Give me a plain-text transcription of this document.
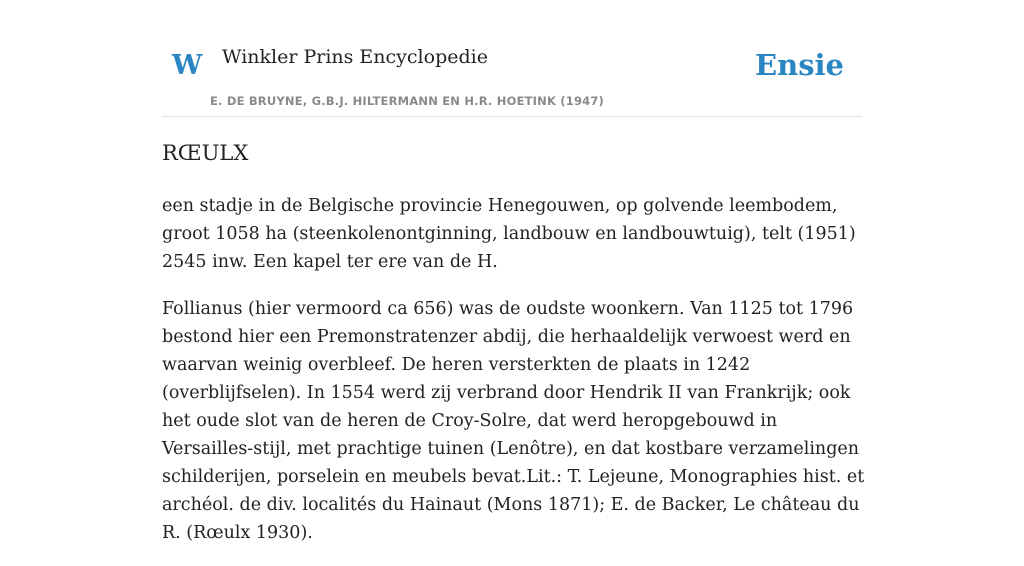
W Winkler Prins Encyclopedie
E. DE BRUYNE, G.B.J. HILTERMANN EN H.R. HOETINK (1947)
Ensie
RŒULX

een stadje in de Belgische provincie Henegouwen, op golvende leembodem, groot 1058 ha (steenkolenontginning, landbouw en landbouwtuig), telt (1951) 2545 inw. Een kapel ter ere van de H.

Follianus (hier vermoord ca 656) was de oudste woonkern. Van 1125 tot 1796 bestond hier een Premonstratenzer abdij, die herhaaldelijk verwoest werd en waarvan weinig overbleef. De heren versterkten de plaats in 1242 (overblijfselen). In 1554 werd zij verbrand door Hendrik II van Frankrijk; ook het oude slot van de heren de Croy-Solre, dat werd heropgebouwd in Versailles-stijl, met prachtige tuinen (Lenôtre), en dat kostbare verzamelingen schilderijen, porselein en meubels bevat.Lit.: T. Lejeune, Monographies hist. et archéol. de div. localités du Hainaut (Mons 1871); E. de Backer, Le château du R. (Rœulx 1930).
